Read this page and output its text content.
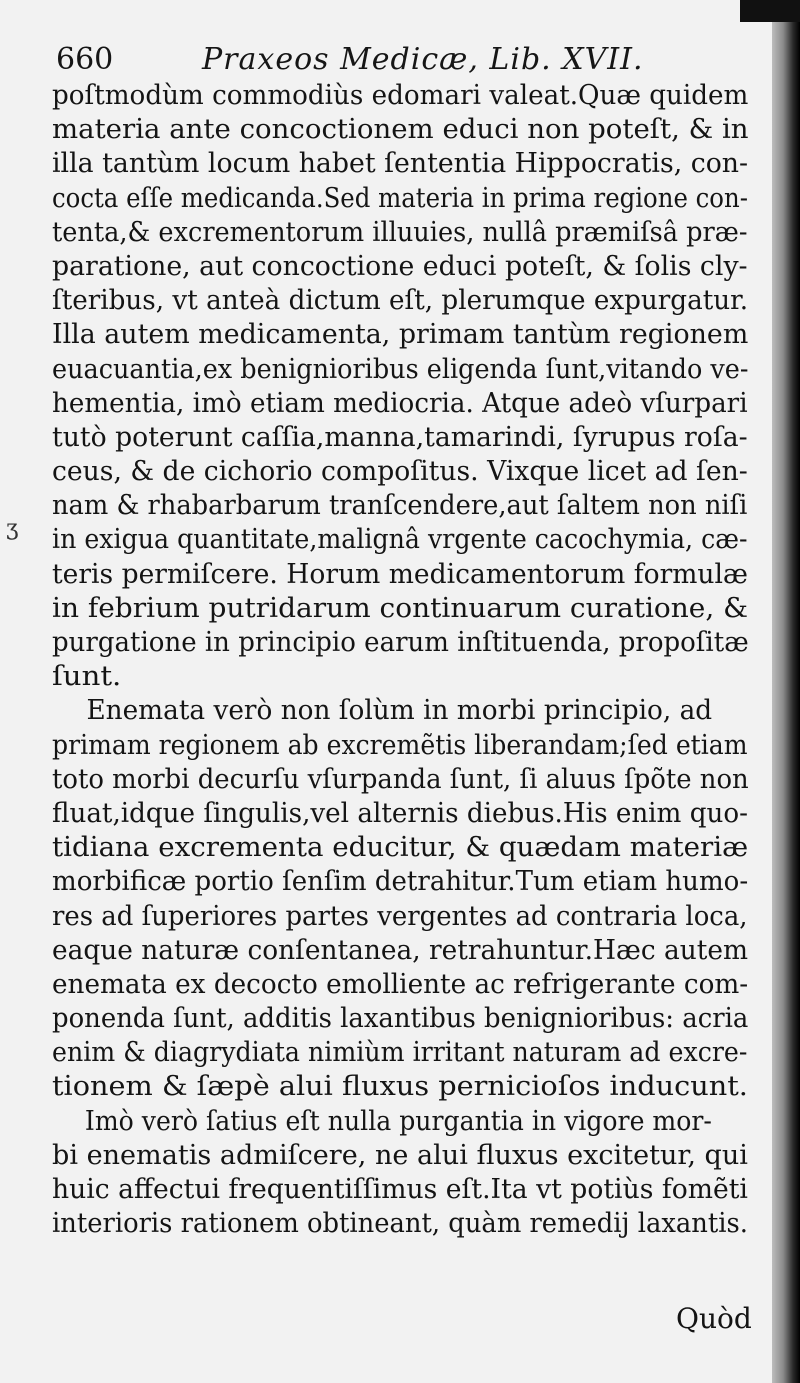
660	Praxeos Medicæ, Lib. XVII.
poſtmodùm commodiùs edomari valeat.Quæ quidem
materia ante concoctionem educi non poteſt, & in
illa tantùm locum habet ſententia Hippocratis, con-
cocta eſſe medicanda.Sed materia in prima regione con-
tenta,& excrementorum illuuies, nullâ præmiſsâ præ-
paratione, aut concoctione educi poteſt, & ſolis cly-
ſteribus, vt anteà dictum eſt, plerumque expurgatur.
Illa autem medicamenta, primam tantùm regionem
euacuantia,ex benignioribus eligenda ſunt,vitando ve-
hementia, imò etiam mediocria. Atque adeò vſurpari
tutò poterunt caſſia,manna,tamarindi, ſyrupus roſa-
ceus, & de cichorio compoſitus. Vixque licet ad ſen-
nam & rhabarbarum tranſcendere,aut ſaltem non niſi
in exigua quantitate,malignâ vrgente cacochymia, cæ-
teris permiſcere. Horum medicamentorum formulæ
in febrium putridarum continuarum curatione, &
purgatione in principio earum inſtituenda, propoſitæ
ſunt.
Enemata verò non ſolùm in morbi principio, ad
primam regionem ab excremẽtis liberandam;ſed etiam
toto morbi decurſu vſurpanda ſunt, ſi aluus ſpõte non
fluat,idque ſingulis,vel alternis diebus.His enim quo-
tidiana excrementa educitur, & quædam materiæ
morbificæ portio ſenſim detrahitur.Tum etiam humo-
res ad ſuperiores partes vergentes ad contraria loca,
eaque naturæ conſentanea, retrahuntur.Hæc autem
enemata ex decocto emolliente ac refrigerante com-
ponenda ſunt, additis laxantibus benignioribus: acria
enim & diagrydiata nimiùm irritant naturam ad excre-
tionem & ſæpè alui fluxus pernicioſos inducunt.
Imò verò ſatius eſt nulla purgantia in vigore mor-
bi enematis admiſcere, ne alui fluxus excitetur, qui
huic affectui frequentiſſimus eſt.Ita vt potiùs fomẽti
interioris rationem obtineant, quàm remedij laxantis.
ʒ
Quòd
